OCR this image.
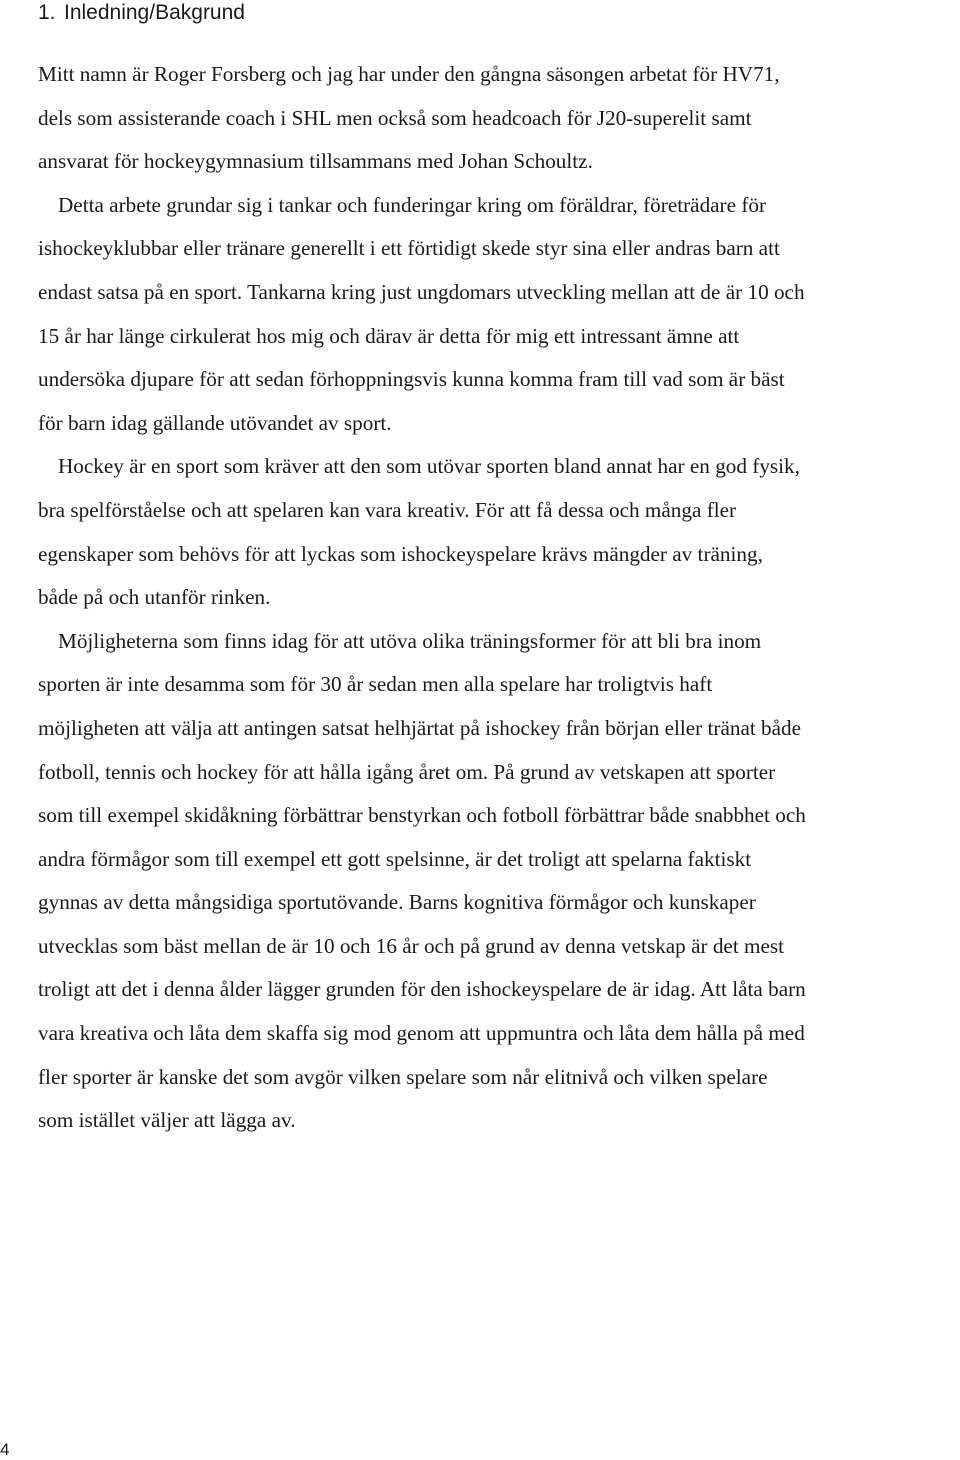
1. Inledning/Bakgrund
Mitt namn är Roger Forsberg och jag har under den gångna säsongen arbetat för HV71,
dels som assisterande coach i SHL men också som headcoach för J20-superelit samt
ansvarat för hockeygymnasium tillsammans med Johan Schoultz.
Detta arbete grundar sig i tankar och funderingar kring om föräldrar, företrädare för
ishockeyklubbar eller tränare generellt i ett förtidigt skede styr sina eller andras barn att
endast satsa på en sport. Tankarna kring just ungdomars utveckling mellan att de är 10 och
15 år har länge cirkulerat hos mig och därav är detta för mig ett intressant ämne att
undersöka djupare för att sedan förhoppningsvis kunna komma fram till vad som är bäst
för barn idag gällande utövandet av sport.
Hockey är en sport som kräver att den som utövar sporten bland annat har en god fysik,
bra spelförståelse och att spelaren kan vara kreativ. För att få dessa och många fler
egenskaper som behövs för att lyckas som ishockeyspelare krävs mängder av träning,
både på och utanför rinken.
Möjligheterna som finns idag för att utöva olika träningsformer för att bli bra inom
sporten är inte desamma som för 30 år sedan men alla spelare har troligtvis haft
möjligheten att välja att antingen satsat helhjärtat på ishockey från början eller tränat både
fotboll, tennis och hockey för att hålla igång året om. På grund av vetskapen att sporter
som till exempel skidåkning förbättrar benstyrkan och fotboll förbättrar både snabbhet och
andra förmågor som till exempel ett gott spelsinne, är det troligt att spelarna faktiskt
gynnas av detta mångsidiga sportutövande. Barns kognitiva förmågor och kunskaper
utvecklas som bäst mellan de är 10 och 16 år och på grund av denna vetskap är det mest
troligt att det i denna ålder lägger grunden för den ishockeyspelare de är idag. Att låta barn
vara kreativa och låta dem skaffa sig mod genom att uppmuntra och låta dem hålla på med
fler sporter är kanske det som avgör vilken spelare som når elitnivå och vilken spelare
som istället väljer att lägga av.
4
